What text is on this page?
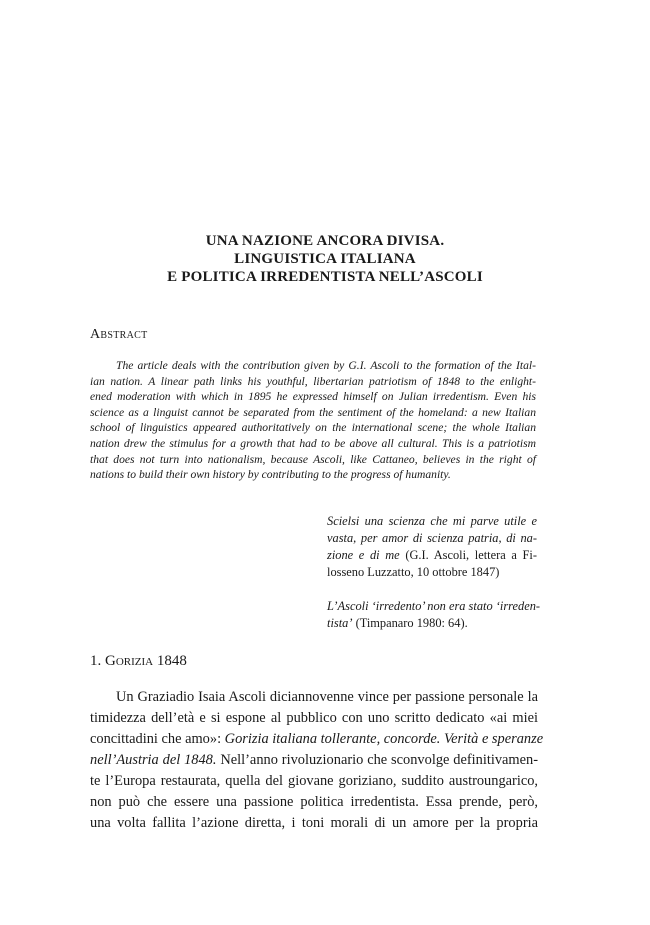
UNA NAZIONE ANCORA DIVISA.
LINGUISTICA ITALIANA
E POLITICA IRREDENTISTA NELL’ASCOLI
Abstract
The article deals with the contribution given by G.I. Ascoli to the formation of the Ital-
ian nation. A linear path links his youthful, libertarian patriotism of 1848 to the enlight-
ened moderation with which in 1895 he expressed himself on Julian irredentism. Even his
science as a linguist cannot be separated from the sentiment of the homeland: a new Italian
school of linguistics appeared authoritatively on the international scene; the whole Italian
nation drew the stimulus for a growth that had to be above all cultural. This is a patriotism
that does not turn into nationalism, because Ascoli, like Cattaneo, believes in the right of
nations to build their own history by contributing to the progress of humanity.
Scielsi una scienza che mi parve utile e
vasta, per amor di scienza patria, di na-
zione e di me (G.I. Ascoli, lettera a Fi-
losseno Luzzatto, 10 ottobre 1847)
L’Ascoli ‘irredento’ non era stato ‘irreden-
tista’ (Timpanaro 1980: 64).
1. Gorizia 1848
Un Graziadio Isaia Ascoli diciannovenne vince per passione personale la
timidezza dell’età e si espone al pubblico con uno scritto dedicato «ai miei
concittadini che amo»: Gorizia italiana tollerante, concorde. Verità e speranze
nell’Austria del 1848. Nell’anno rivoluzionario che sconvolge definitivamen-
te l’Europa restaurata, quella del giovane goriziano, suddito austroungarico,
non può che essere una passione politica irredentista. Essa prende, però,
una volta fallita l’azione diretta, i toni morali di un amore per la propria
